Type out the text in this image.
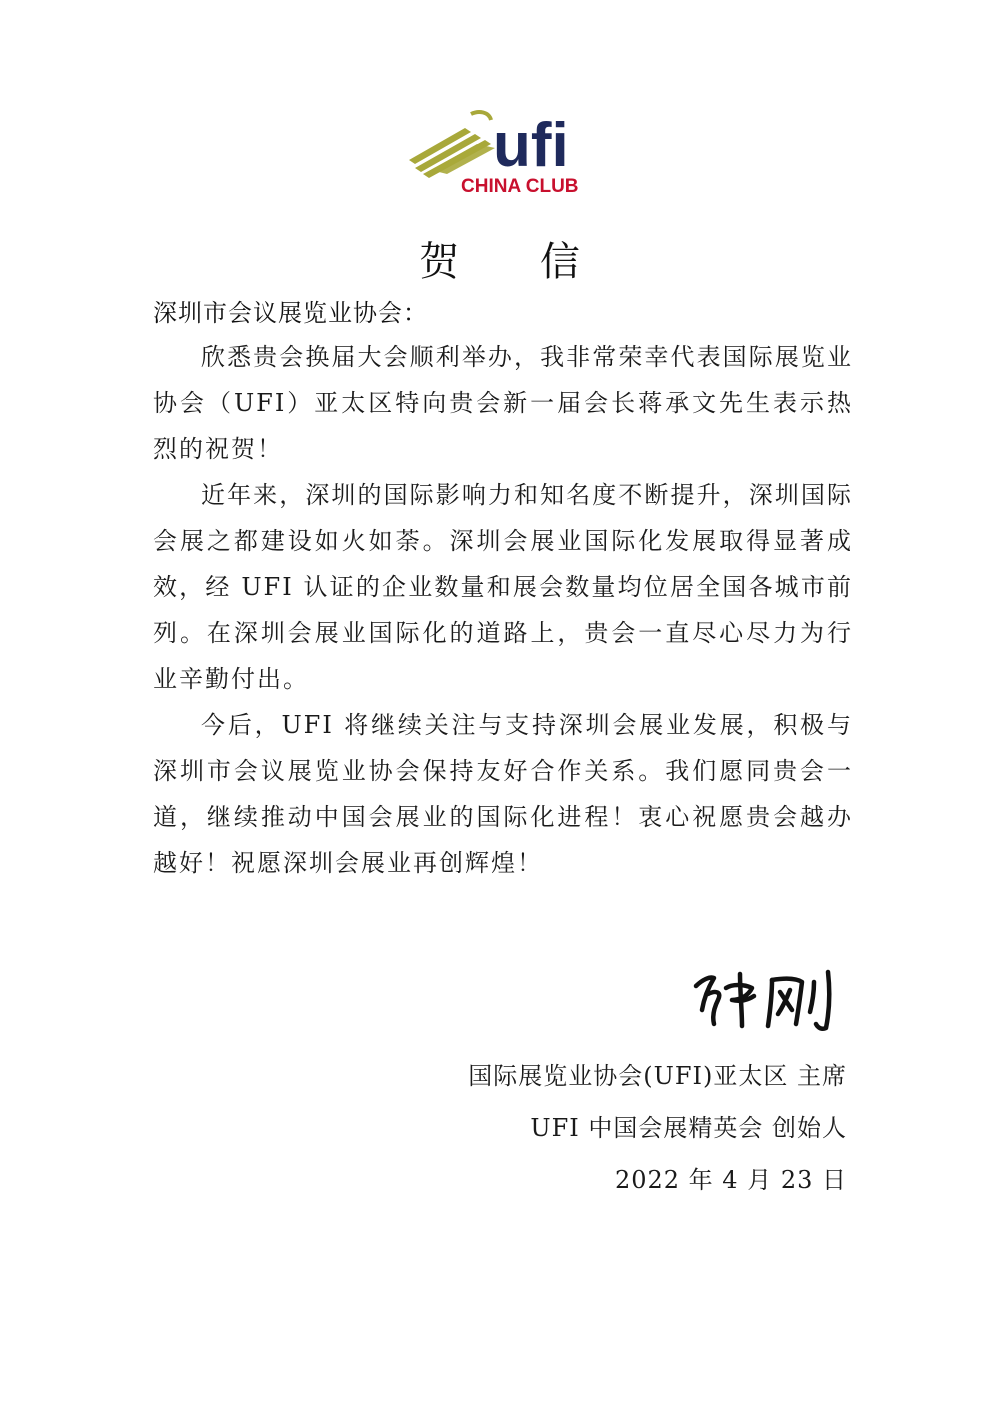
ufi
CHINA CLUB
贺 信

深圳市会议展览业协会：

欣悉贵会换届大会顺利举办，我非常荣幸代表国际展览业协会（UFI）亚太区特向贵会新一届会长蒋承文先生表示热烈的祝贺！

近年来，深圳的国际影响力和知名度不断提升，深圳国际会展之都建设如火如荼。深圳会展业国际化发展取得显著成效，经 UFI 认证的企业数量和展会数量均位居全国各城市前列。在深圳会展业国际化的道路上，贵会一直尽心尽力为行业辛勤付出。

今后，UFI 将继续关注与支持深圳会展业发展，积极与深圳市会议展览业协会保持友好合作关系。我们愿同贵会一道，继续推动中国会展业的国际化进程！衷心祝愿贵会越办越好！祝愿深圳会展业再创辉煌！

国际展览业协会(UFI)亚太区 主席
UFI 中国会展精英会 创始人
2022 年 4 月 23 日
